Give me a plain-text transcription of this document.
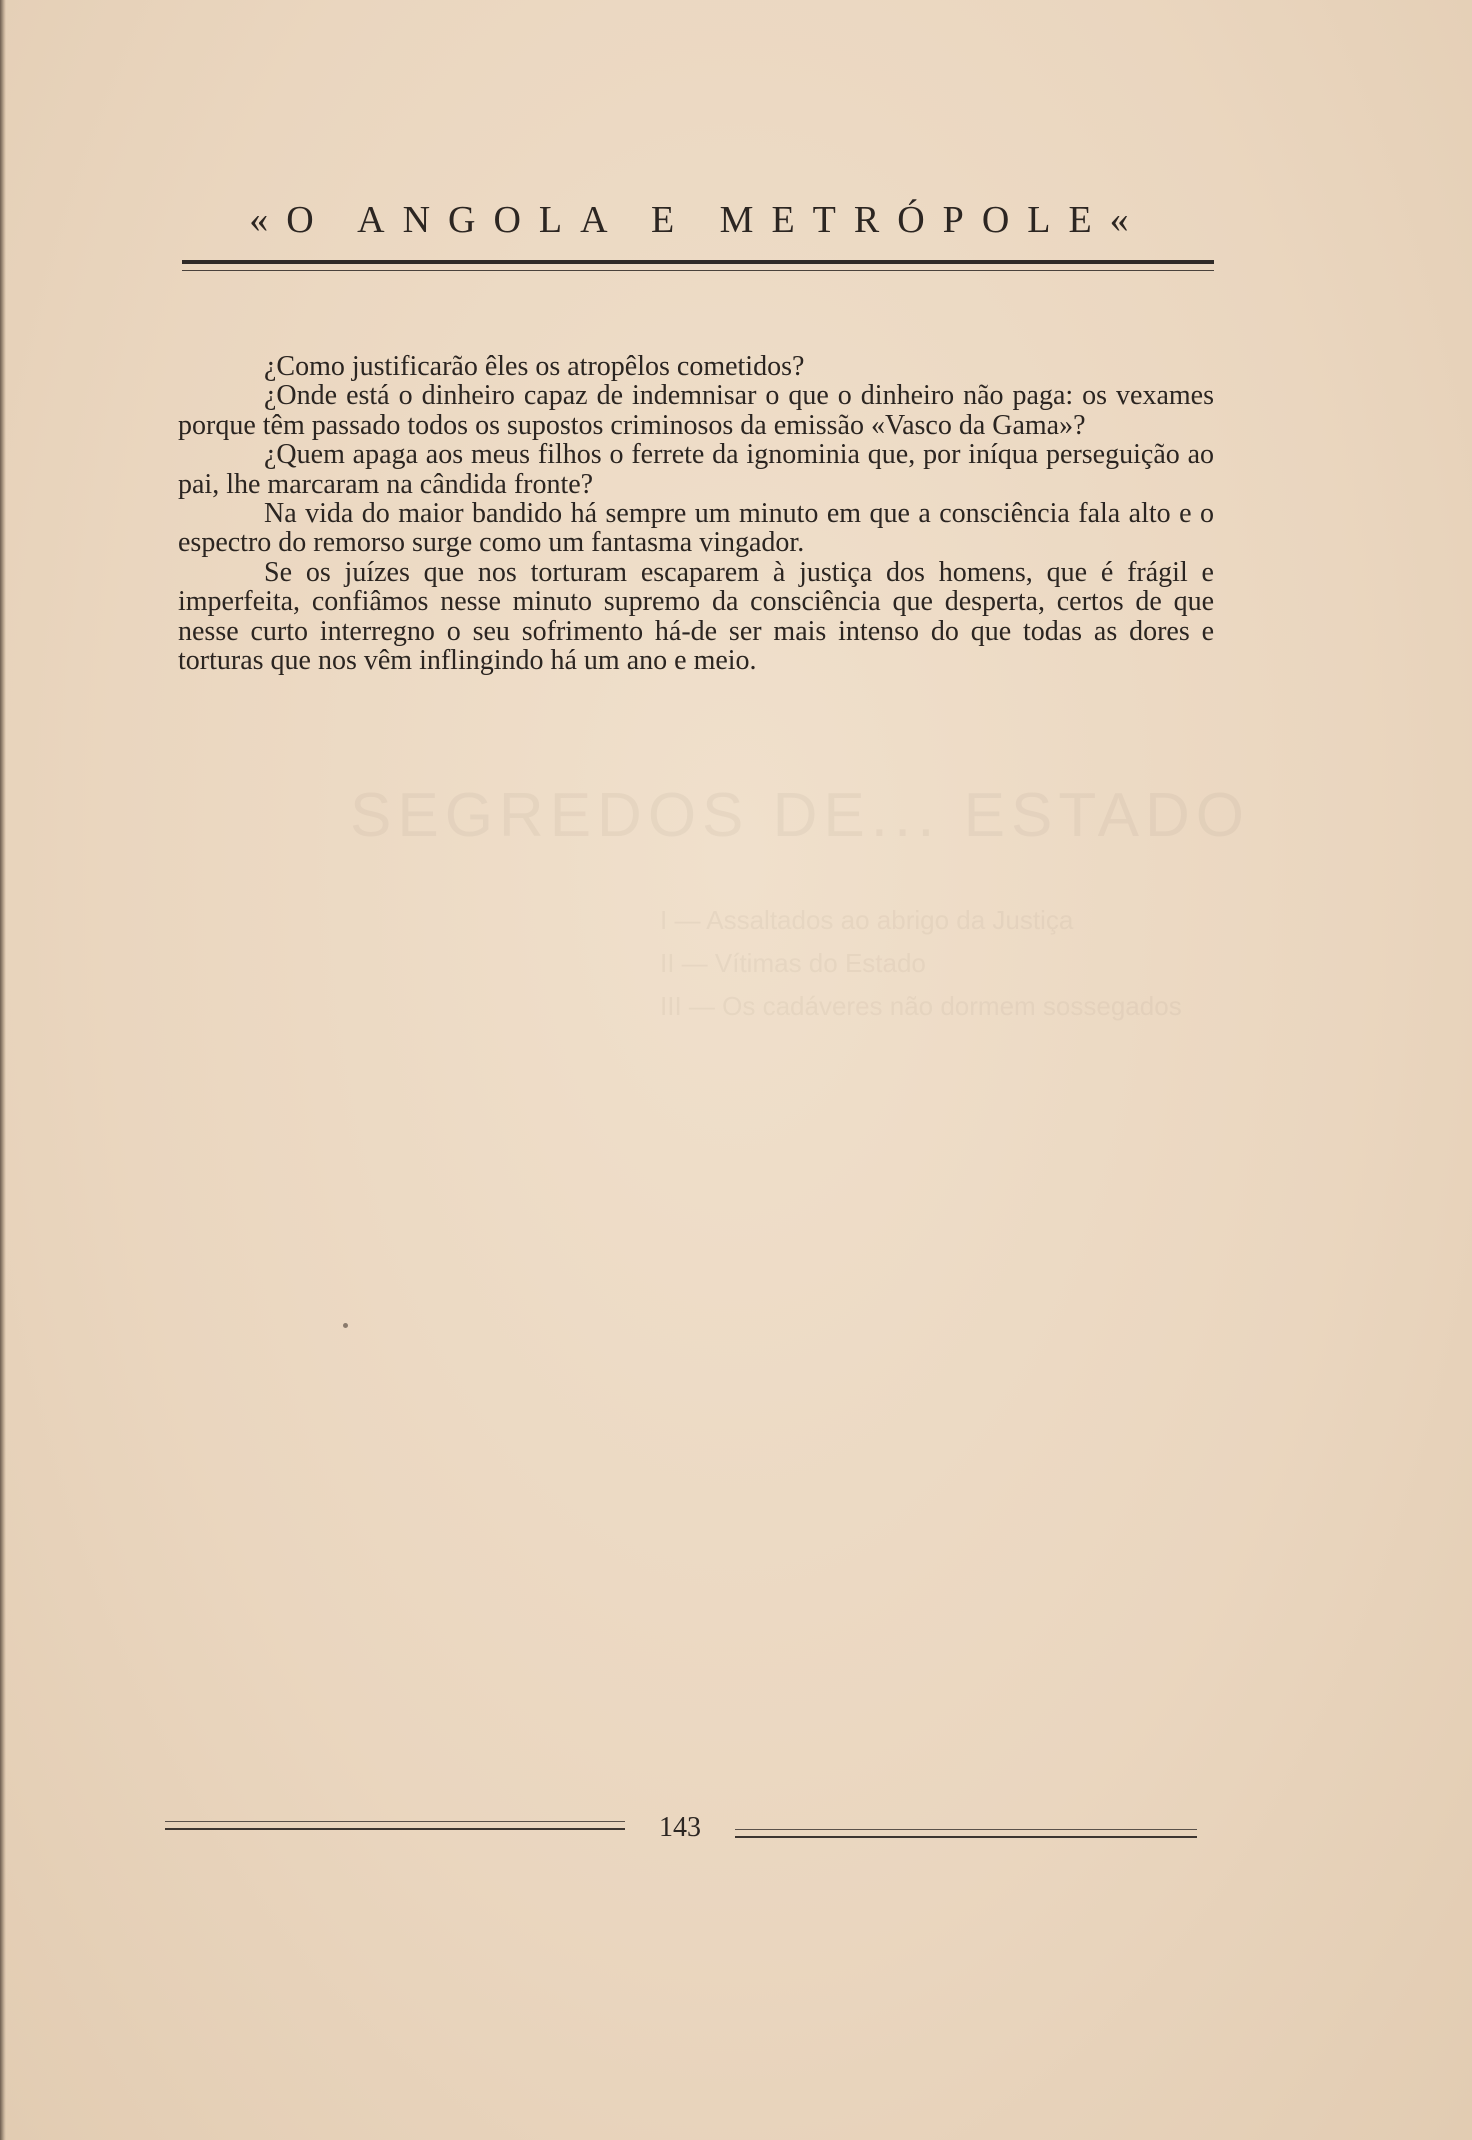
«O ANGOLA E METRÓPOLE«
SEGREDOS DE... ESTADO
I — Assaltados ao abrigo da Justiça
II — Vítimas do Estado
III — Os cadáveres não dormem sossegados

¿Como justificarão êles os atropêlos cometidos?

¿Onde está o dinheiro capaz de indemnisar o que o dinheiro não paga: os vexames porque têm passado todos os supostos criminosos da emissão «Vasco da Gama»?

¿Quem apaga aos meus filhos o ferrete da ignominia que, por iníqua perseguição ao pai, lhe marcaram na cândida fronte?

Na vida do maior bandido há sempre um minuto em que a consciência fala alto e o espectro do remorso surge como um fantasma vingador.

Se os juízes que nos torturam escaparem à justiça dos homens, que é frágil e imperfeita, confiâmos nesse minuto supremo da consciência que desperta, certos de que nesse curto interregno o seu sofrimento há-de ser mais intenso do que todas as dores e torturas que nos vêm inflingindo há um ano e meio.

143
